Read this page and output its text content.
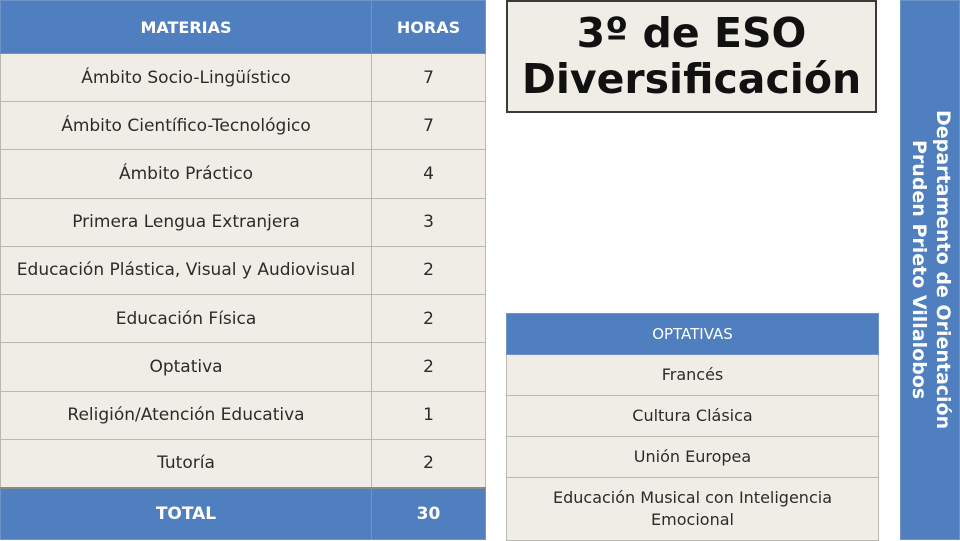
MATERIAS	HORAS
Ámbito Socio-Lingüístico	7
Ámbito Científico-Tecnológico	7
Ámbito Práctico	4
Primera Lengua Extranjera	3
Educación Plástica, Visual y Audiovisual	2
Educación Física	2
Optativa	2
Religión/Atención Educativa	1
Tutoría	2
TOTAL	30
3º de ESO
Diversificación
OPTATIVAS
Francés
Cultura Clásica
Unión Europea
Educación Musical con Inteligencia Emocional
Departamento de Orientación
Pruden Prieto Villalobos
